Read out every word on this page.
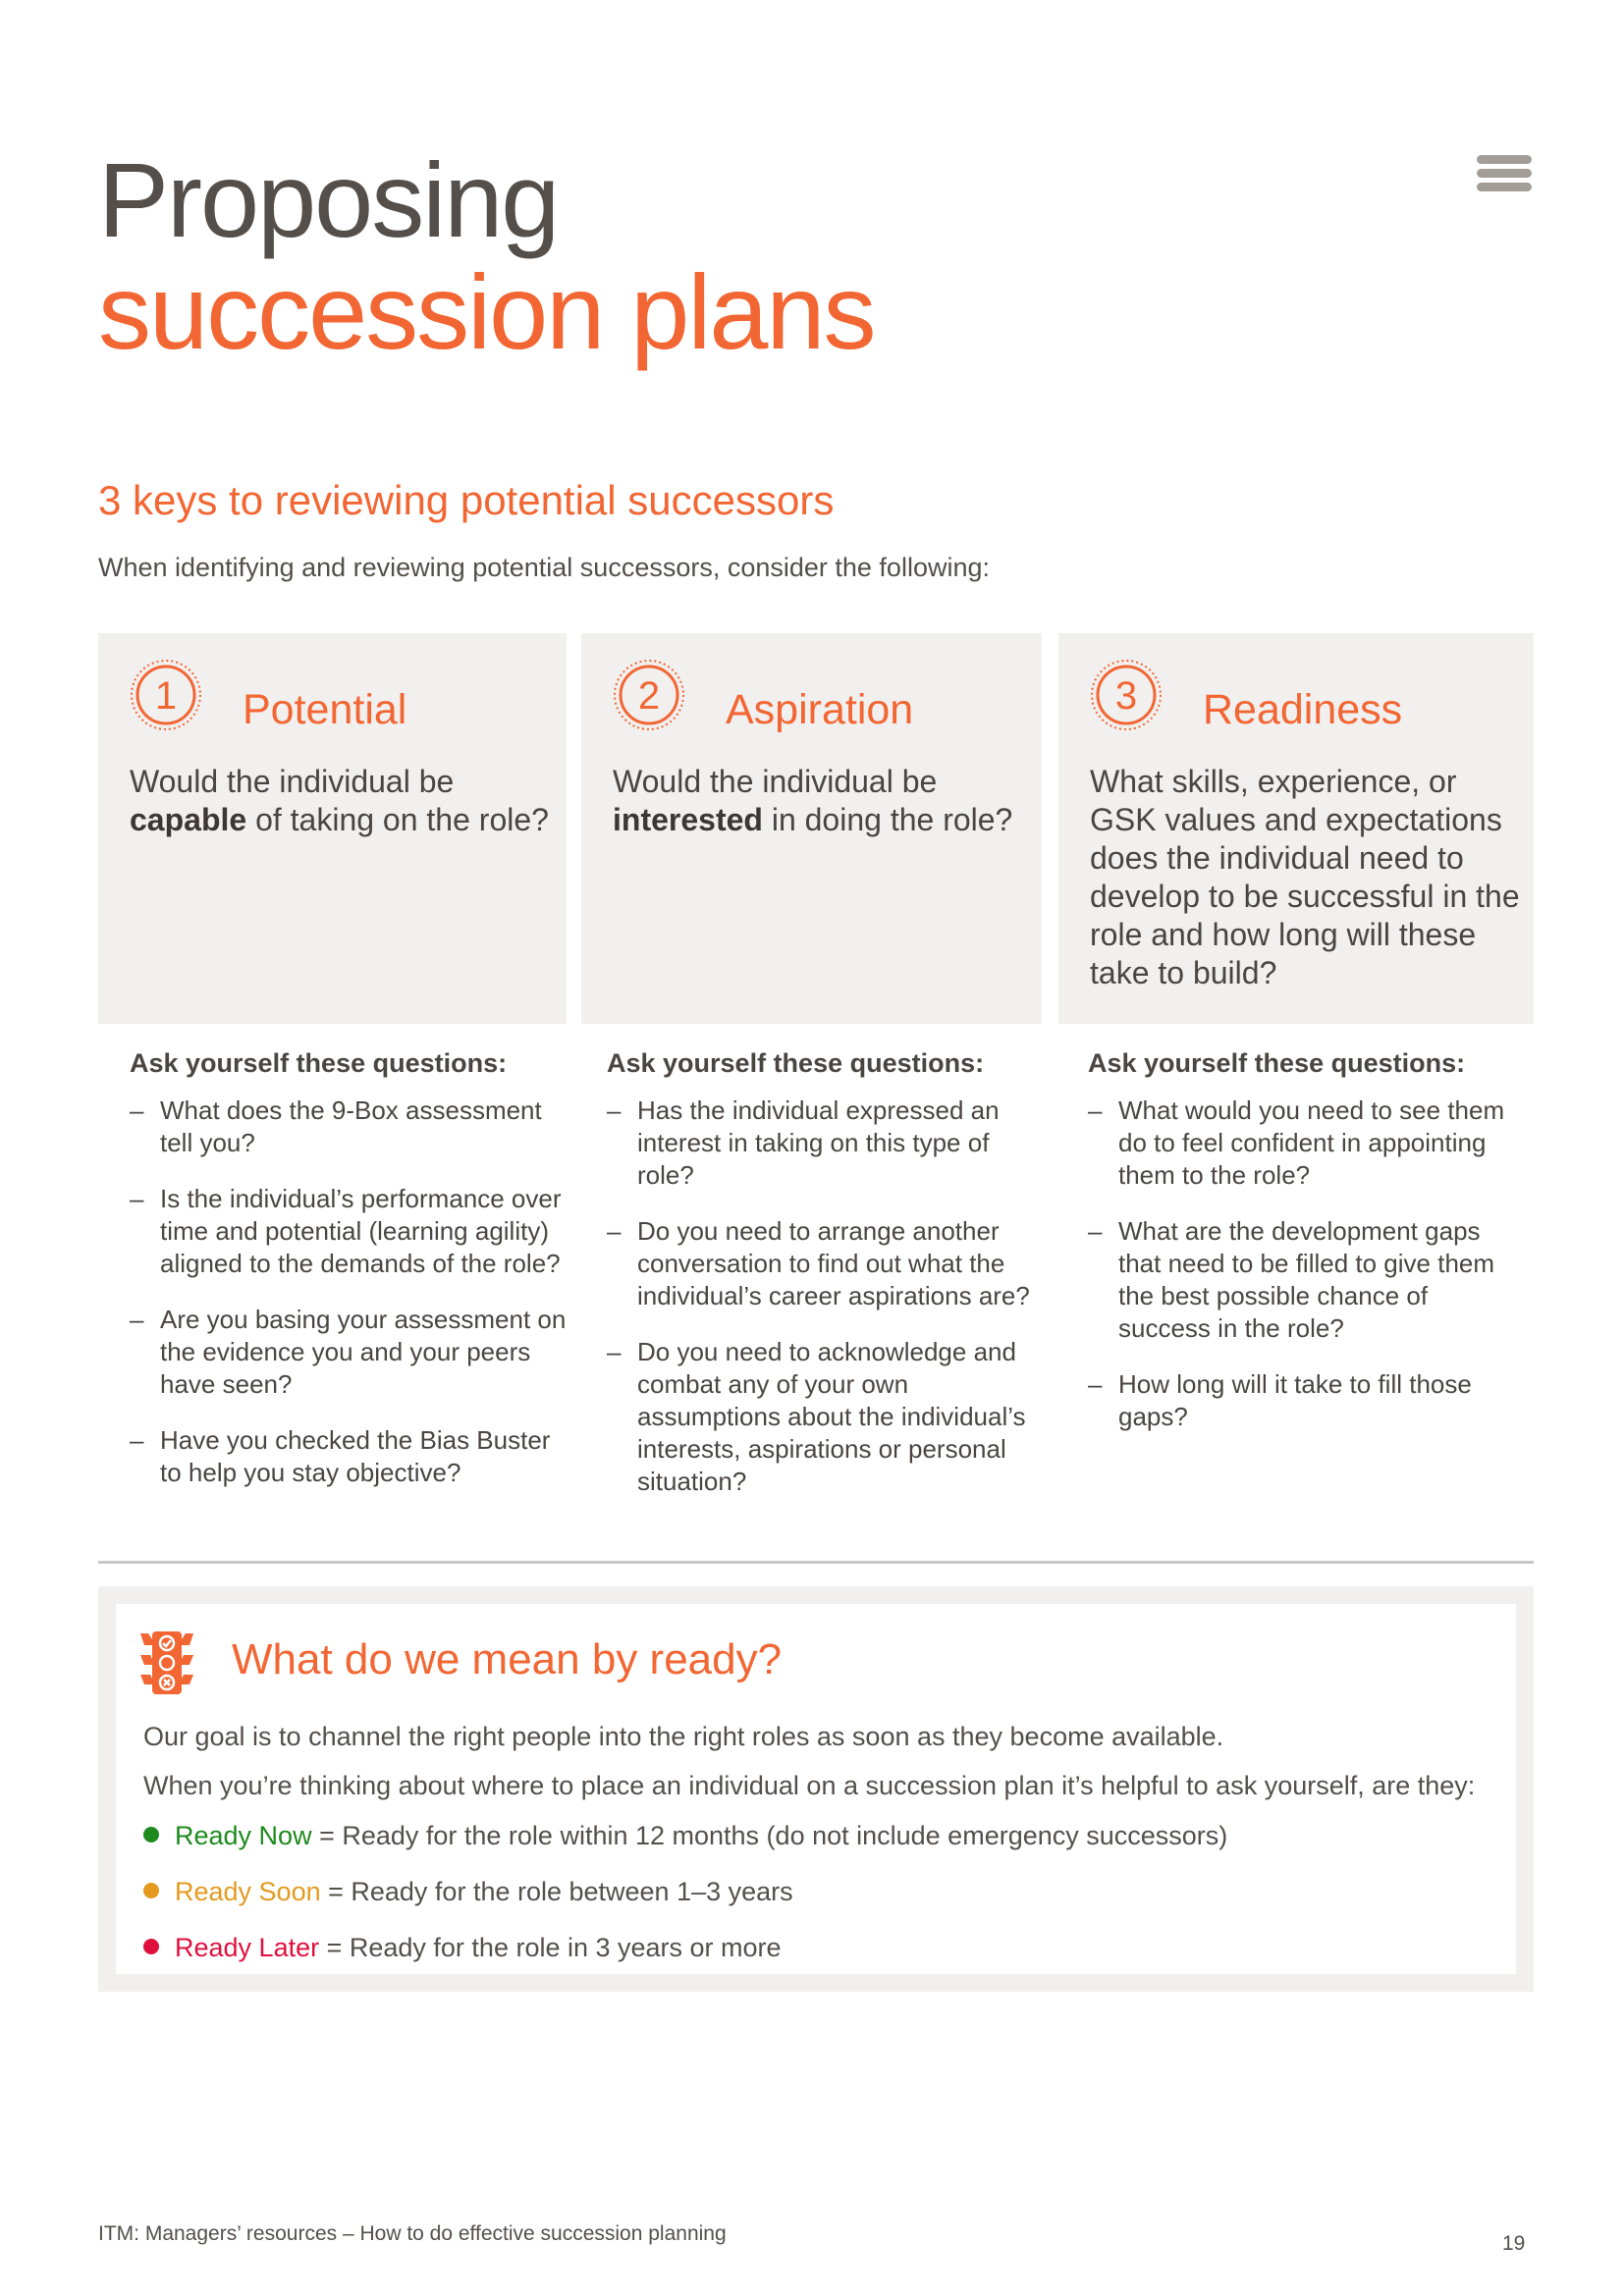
Proposing
succession plans
3 keys to reviewing potential successors
When identifying and reviewing potential successors, consider the following:
1 Potential
Would the individual be capable of taking on the role?
2 Aspiration
Would the individual be interested in doing the role?
3 Readiness
What skills, experience, or GSK values and expectations does the individual need to develop to be successful in the role and how long will these take to build?
Ask yourself these questions:
– What does the 9-Box assessment tell you?
– Is the individual’s performance over time and potential (learning agility) aligned to the demands of the role?
– Are you basing your assessment on the evidence you and your peers have seen?
– Have you checked the Bias Buster to help you stay objective?
Ask yourself these questions:
– Has the individual expressed an interest in taking on this type of role?
– Do you need to arrange another conversation to find out what the individual’s career aspirations are?
– Do you need to acknowledge and combat any of your own assumptions about the individual’s interests, aspirations or personal situation?
Ask yourself these questions:
– What would you need to see them do to feel confident in appointing them to the role?
– What are the development gaps that need to be filled to give them the best possible chance of success in the role?
– How long will it take to fill those gaps?
What do we mean by ready?
Our goal is to channel the right people into the right roles as soon as they become available.
When you’re thinking about where to place an individual on a succession plan it’s helpful to ask yourself, are they:
Ready Now = Ready for the role within 12 months (do not include emergency successors)
Ready Soon = Ready for the role between 1–3 years
Ready Later = Ready for the role in 3 years or more
ITM: Managers’ resources – How to do effective succession planning	19
